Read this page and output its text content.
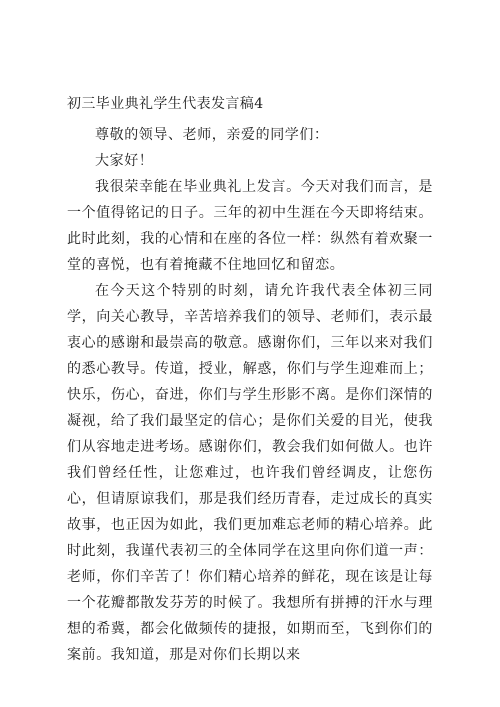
初三毕业典礼学生代表发言稿4

尊敬的领导、老师，亲爱的同学们：

大家好！

我很荣幸能在毕业典礼上发言。今天对我们而言，是一个值得铭记的日子。三年的初中生涯在今天即将结束。此时此刻，我的心情和在座的各位一样：纵然有着欢聚一堂的喜悦，也有着掩藏不住地回忆和留恋。

在今天这个特别的时刻，请允许我代表全体初三同学，向关心教导，辛苦培养我们的领导、老师们，表示最衷心的感谢和最崇高的敬意。感谢你们，三年以来对我们的悉心教导。传道，授业，解惑，你们与学生迎难而上；快乐，伤心，奋进，你们与学生形影不离。是你们深情的凝视，给了我们最坚定的信心；是你们关爱的目光，使我们从容地走进考场。感谢你们，教会我们如何做人。也许我们曾经任性，让您难过，也许我们曾经调皮，让您伤心，但请原谅我们，那是我们经历青春，走过成长的真实故事，也正因为如此，我们更加难忘老师的精心培养。此时此刻，我谨代表初三的全体同学在这里向你们道一声：老师，你们辛苦了！你们精心培养的鲜花，现在该是让每一个花瓣都散发芬芳的时候了。我想所有拼搏的汗水与理想的希冀，都会化做频传的捷报，如期而至，飞到你们的案前。我知道，那是对你们长期以来
